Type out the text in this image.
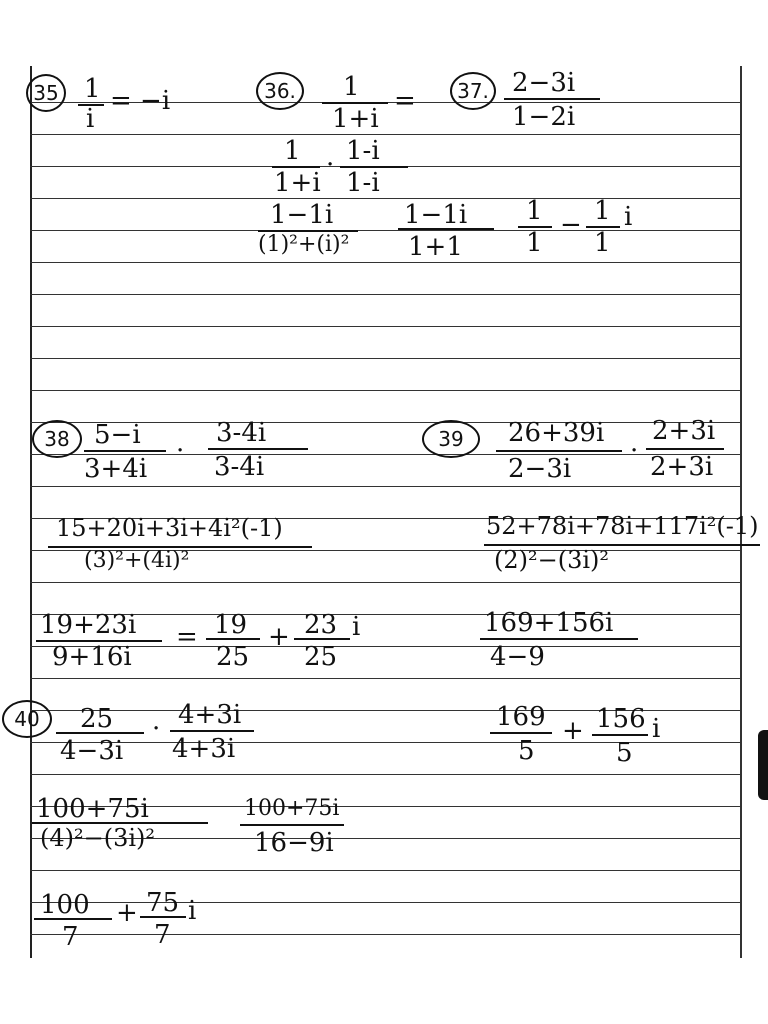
35 1
i
= −i	36.	1
1+i
=
1
1+i
· 1-i
1-i
1−1i
(1)²+(i)²
1−1i
1+1
1
1
− 1
1
i
37. 2−3i
1−2i
38 5−i
3+4i
·
3-4i
3-4i
15+20i+3i+4i²(-1)
(3)²+(4i)²
19+23i
9+16i
= 19
25
+ 23
25
i
39	26+39i
2−3i
·
2+3i
2+3i
52+78i+78i+117i²(-1)
(2)²−(3i)²
169+156i
4−9
169
5
+ 156
5
i
40	25
4−3i
· 4+3i
4+3i
100+75i
(4)²−(3i)²
100+75i
16−9i
100
7
+ 75
7
i
